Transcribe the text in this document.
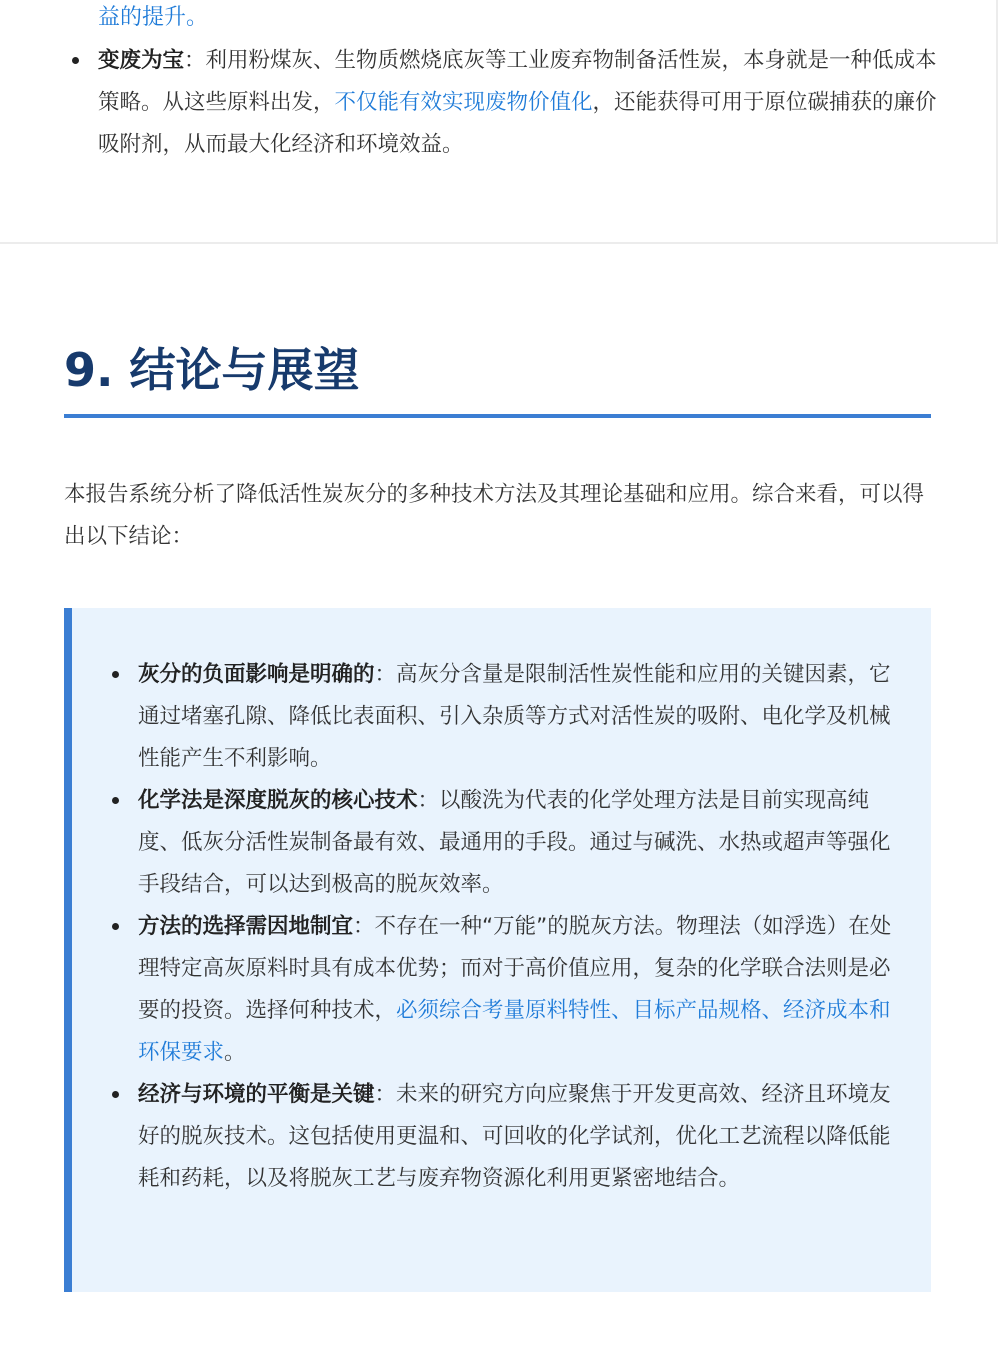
益的提升。

变废为宝：利用粉煤灰、生物质燃烧底灰等工业废弃物制备活性炭，本身就是一种低成本策略。从这些原料出发，不仅能有效实现废物价值化，还能获得可用于原位碳捕获的廉价吸附剂，从而最大化经济和环境效益。
9. 结论与展望

本报告系统分析了降低活性炭灰分的多种技术方法及其理论基础和应用。综合来看，可以得出以下结论：

灰分的负面影响是明确的：高灰分含量是限制活性炭性能和应用的关键因素，它通过堵塞孔隙、降低比表面积、引入杂质等方式对活性炭的吸附、电化学及机械性能产生不利影响。
化学法是深度脱灰的核心技术：以酸洗为代表的化学处理方法是目前实现高纯度、低灰分活性炭制备最有效、最通用的手段。通过与碱洗、水热或超声等强化手段结合，可以达到极高的脱灰效率。
方法的选择需因地制宜：不存在一种“万能”的脱灰方法。物理法（如浮选）在处理特定高灰原料时具有成本优势；而对于高价值应用，复杂的化学联合法则是必要的投资。选择何种技术，必须综合考量原料特性、目标产品规格、经济成本和环保要求。
经济与环境的平衡是关键：未来的研究方向应聚焦于开发更高效、经济且环境友好的脱灰技术。这包括使用更温和、可回收的化学试剂，优化工艺流程以降低能耗和药耗，以及将脱灰工艺与废弃物资源化利用更紧密地结合。
